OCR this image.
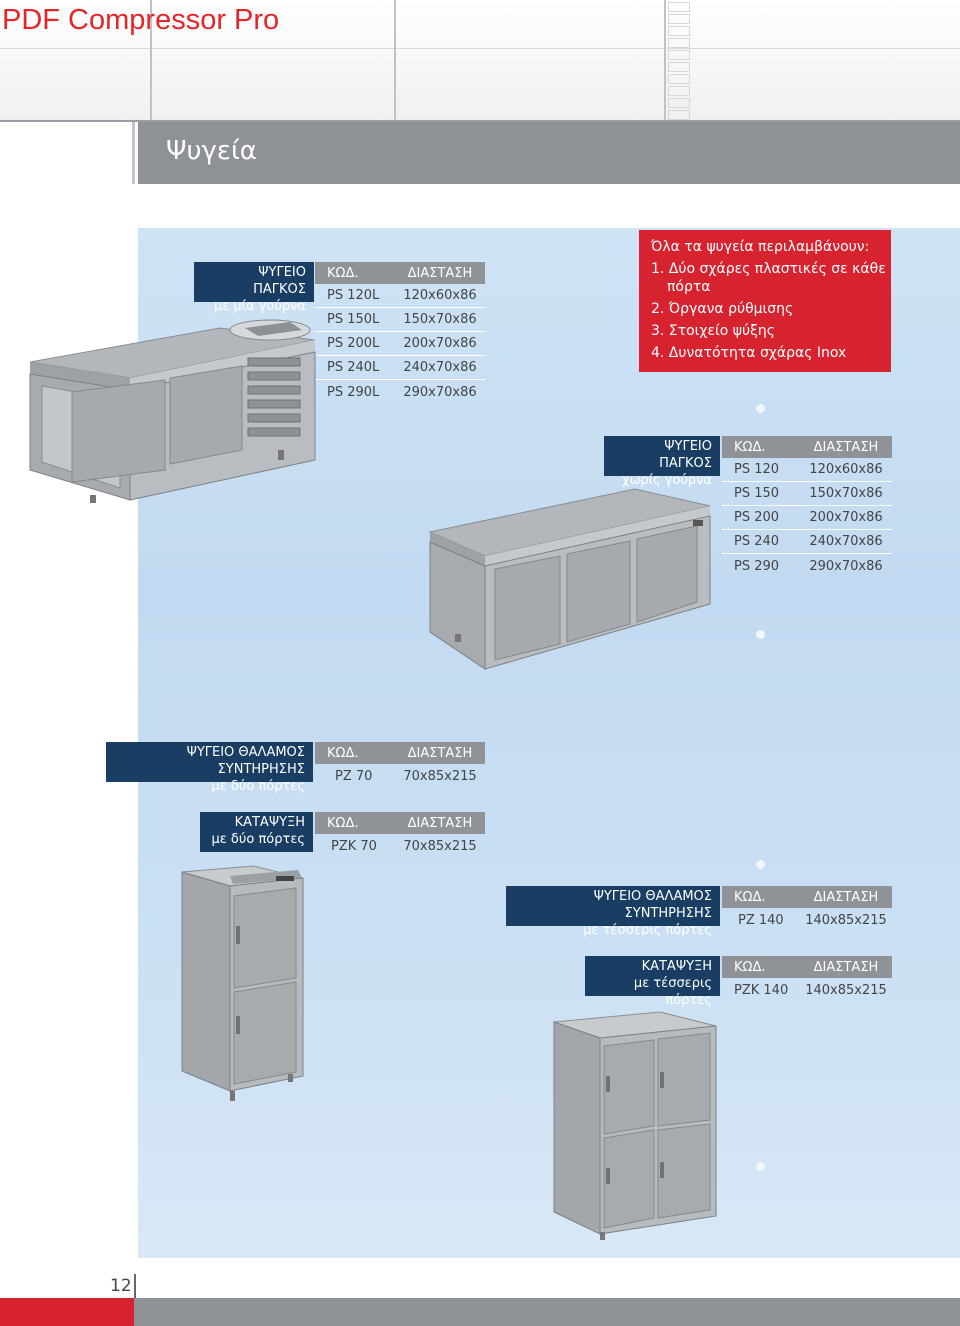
PDF Compressor Pro
Ψυγεία
Όλα τα ψυγεία περιλαμβάνουν:
1. Δύο σχάρες πλαστικές σε κάθε
πόρτα
2. Όργανα ρύθμισης
3. Στοιχείο ψύξης
4. Δυνατότητα σχάρας Inox
ΨΥΓΕΙΟ ΠΑΓΚΟΣ
με μία γούρνα
ΚΩΔ.	ΔΙΑΣΤΑΣΗ
PS 120L	120x60x86
PS 150L	150x70x86
PS 200L	200x70x86
PS 240L	240x70x86
PS 290L	290x70x86
ΨΥΓΕΙΟ ΠΑΓΚΟΣ
χωρίς γούρνα
ΚΩΔ.	ΔΙΑΣΤΑΣΗ
PS 120	120x60x86
PS 150	150x70x86
PS 200	200x70x86
PS 240	240x70x86
PS 290	290x70x86
ΨΥΓΕΙΟ ΘΑΛΑΜΟΣ ΣΥΝΤΗΡΗΣΗΣ
με δύο πόρτες
ΚΩΔ.	ΔΙΑΣΤΑΣΗ
PZ 70	70x85x215
ΚΑΤΑΨΥΞΗ
με δύο πόρτες
ΚΩΔ.	ΔΙΑΣΤΑΣΗ
PZK 70	70x85x215
ΨΥΓΕΙΟ ΘΑΛΑΜΟΣ ΣΥΝΤΗΡΗΣΗΣ
με τέσσερις πόρτες
ΚΩΔ.	ΔΙΑΣΤΑΣΗ
PZ 140	140x85x215
ΚΑΤΑΨΥΞΗ
με τέσσερις πόρτες
ΚΩΔ.	ΔΙΑΣΤΑΣΗ
PZK 140	140x85x215
12
